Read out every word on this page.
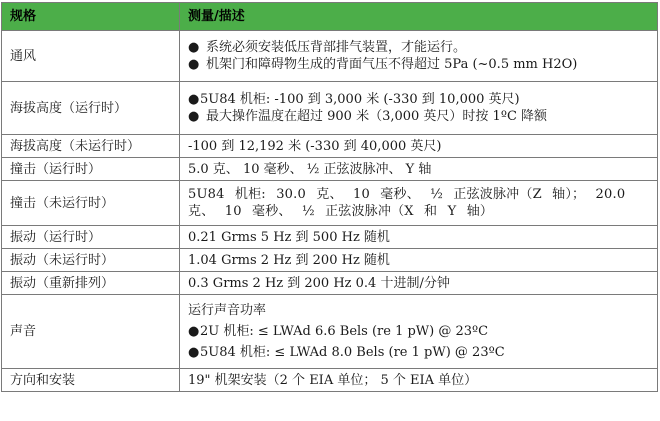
规格	测量/描述
通风	● 系统必须安装低压背部排气装置，才能运行。
● 机架门和障碍物生成的背面气压不得超过 5Pa (~0.5 mm H2O)

海拔高度（运行时）	●5U84 机柜: -100 到 3,000 米 (-330 到 10,000 英尺)
● 最大操作温度在超过 900 米（3,000 英尺）时按 1ºC 降额

海拔高度（未运行时）	-100 到 12,192 米 (-330 到 40,000 英尺)

撞击（运行时）	5.0 克、 10 毫秒、 ½ 正弦波脉冲、 Y 轴

撞击（未运行时）	5U84 机柜: 30.0 克、 10 毫秒、 ½ 正弦波脉冲（Z 轴）； 20.0 克、 10 毫秒、 ½ 正弦波脉冲（X 和 Y 轴）
振动（运行时）	0.21 Grms 5 Hz 到 500 Hz 随机

振动（未运行时）	1.04 Grms 2 Hz 到 200 Hz 随机

振动（重新排列）	0.3 Grms 2 Hz 到 200 Hz 0.4 十进制/分钟

声音	运行声音功率
●2U 机柜: ≤ LWAd 6.6 Bels (re 1 pW) @ 23ºC
●5U84 机柜: ≤ LWAd 8.0 Bels (re 1 pW) @ 23ºC

方向和安装	19" 机架安装（2 个 EIA 单位； 5 个 EIA 单位）
